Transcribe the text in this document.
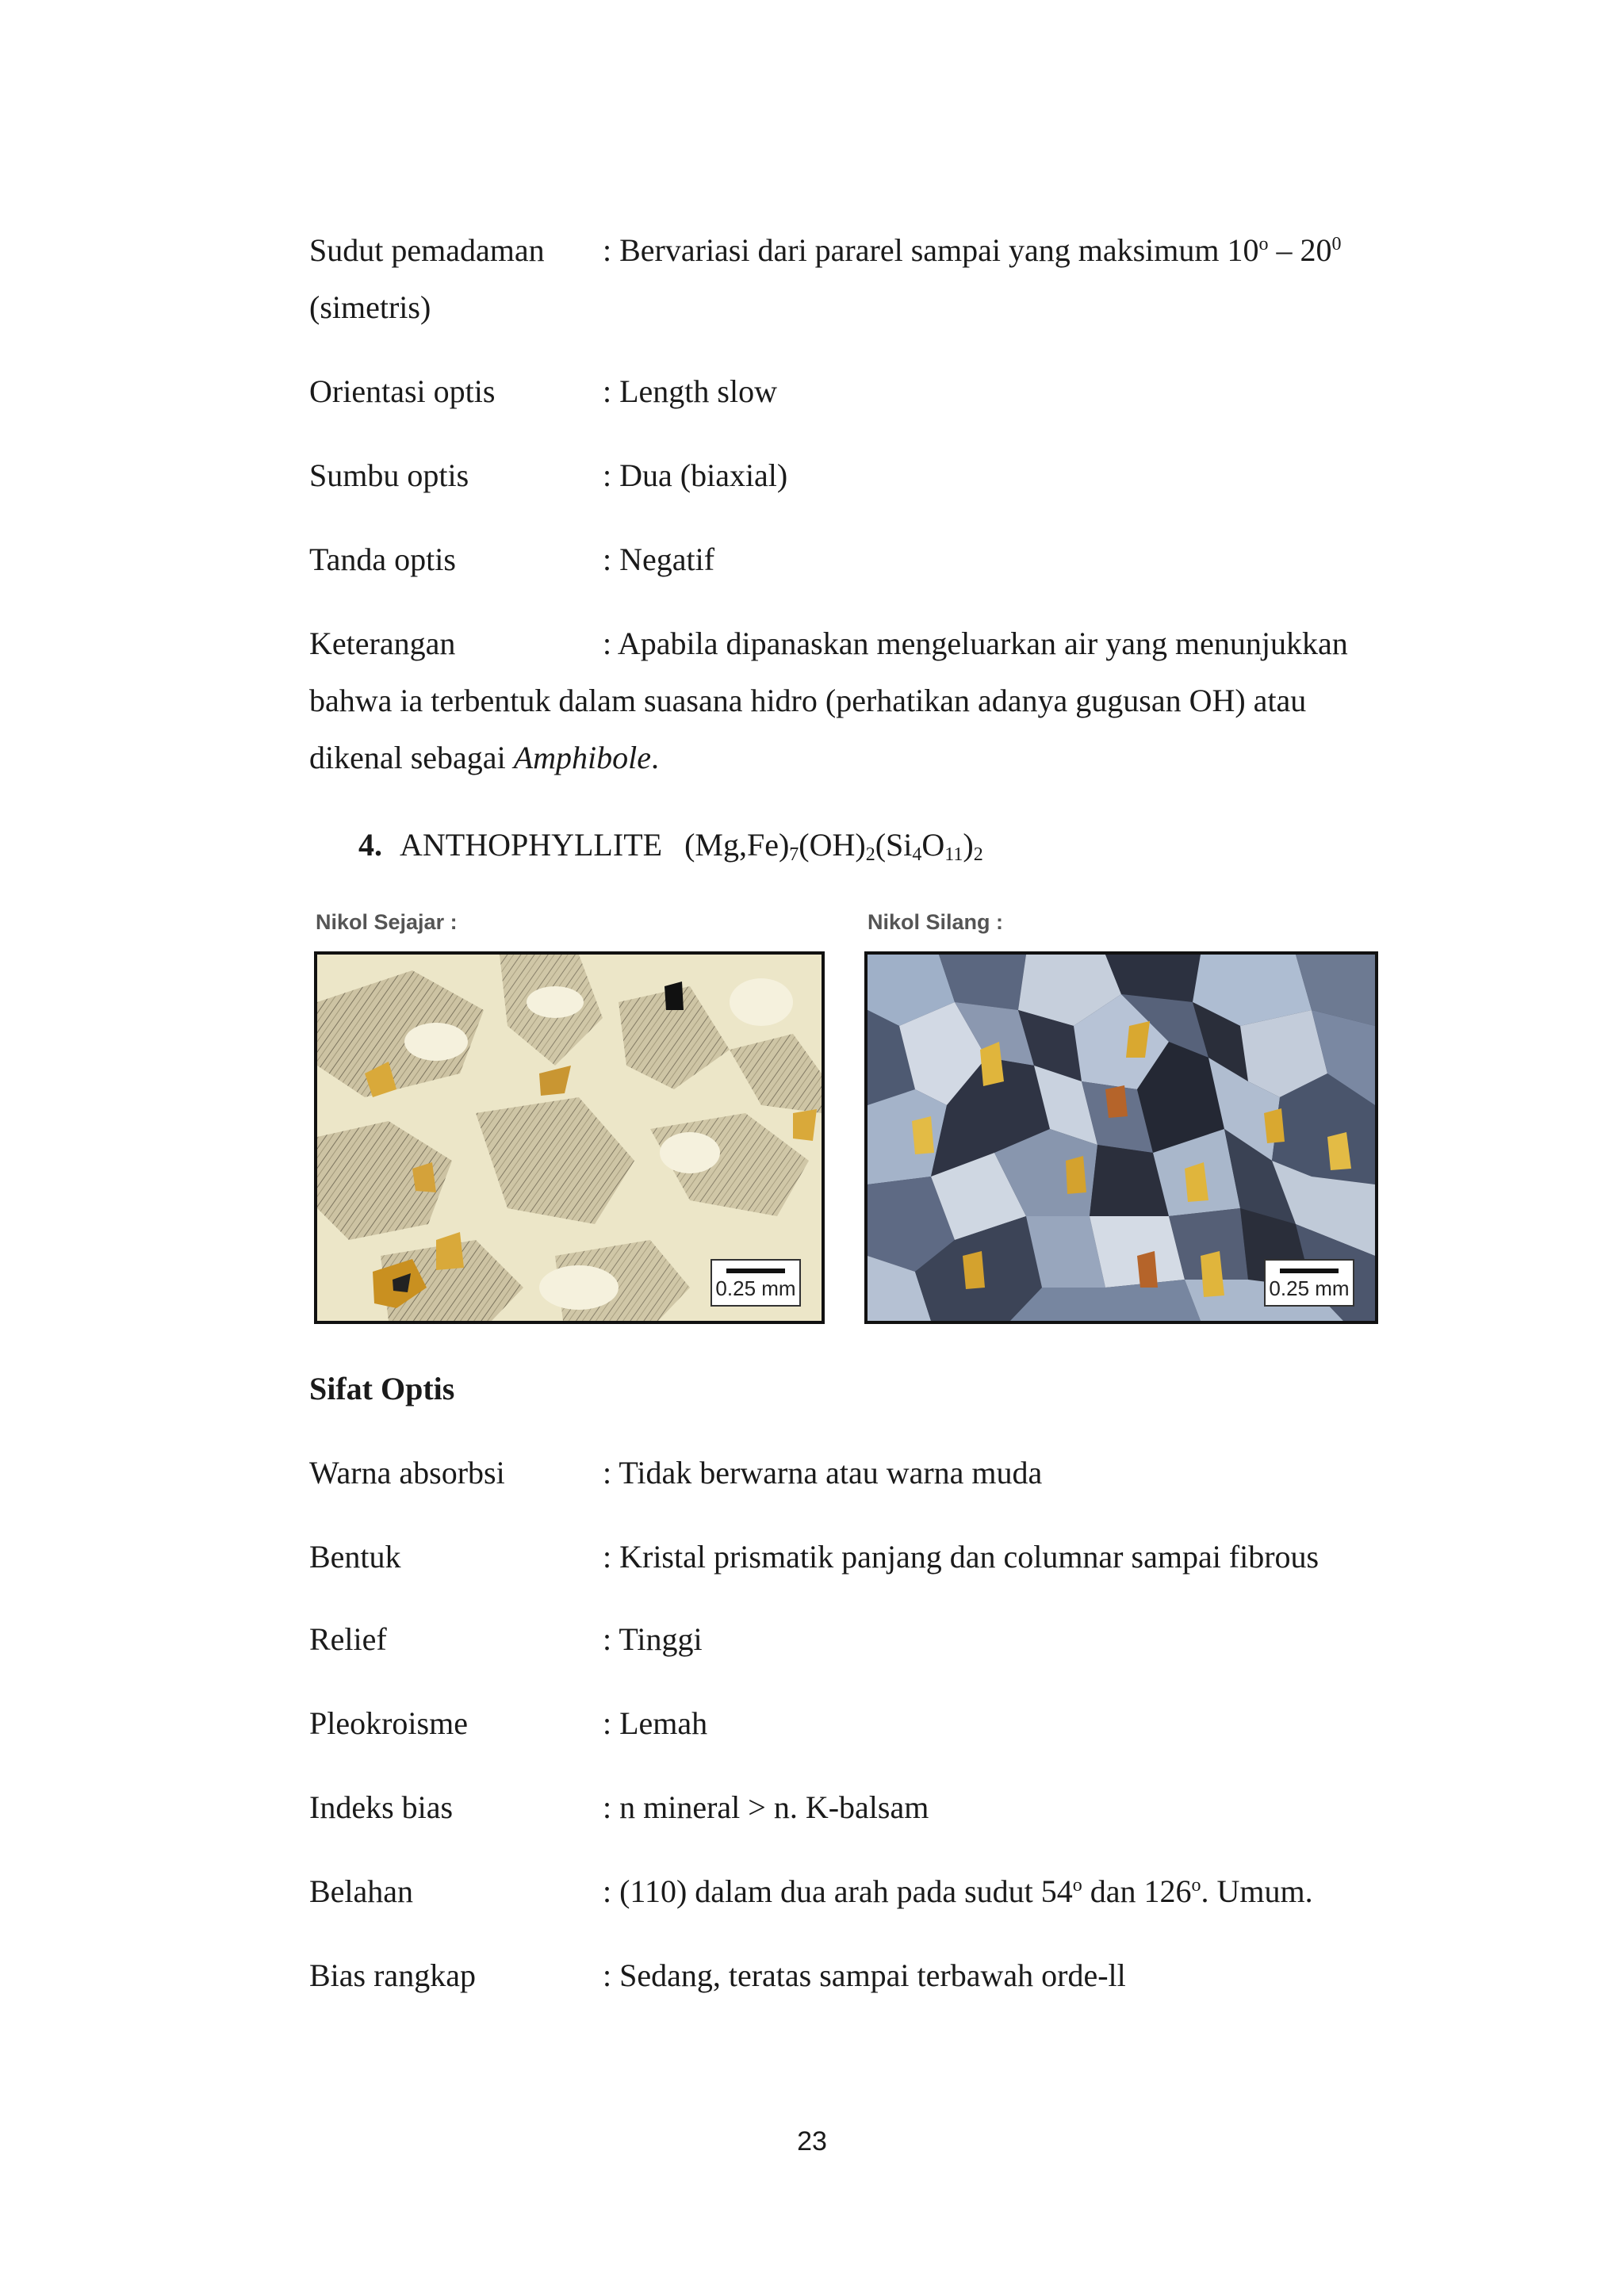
Sudut pemadaman : Bervariasi dari pararel sampai yang maksimum $10^o - 20^0$
(simetris)
Orientasi optis	: Length slow
Sumbu optis	: Dua (biaxial)
Tanda optis	: Negatif
Keterangan	: Apabila dipanaskan mengeluarkan air yang menunjukkan
bahwa ia terbentuk dalam suasana hidro (perhatikan adanya gugusan OH) atau
dikenal sebagai Amphibole.
4. ANTHOPHYLLITE $(Mg,Fe)_7(OH)_2(Si_4O_{11})_2$
Nikol Sejajar :	Nikol Silang :
0.25 mm	0.25 mm
Sifat Optis
Warna absorbsi	: Tidak berwarna atau warna muda
Bentuk	: Kristal prismatik panjang dan columnar sampai fibrous
Relief	: Tinggi
Pleokroisme	: Lemah
Indeks bias	: n mineral > n. K-balsam
Belahan	: (110) dalam dua arah pada sudut 54$^o$ dan 126$^o$. Umum.
Bias rangkap	: Sedang, teratas sampai terbawah orde-ll
23
